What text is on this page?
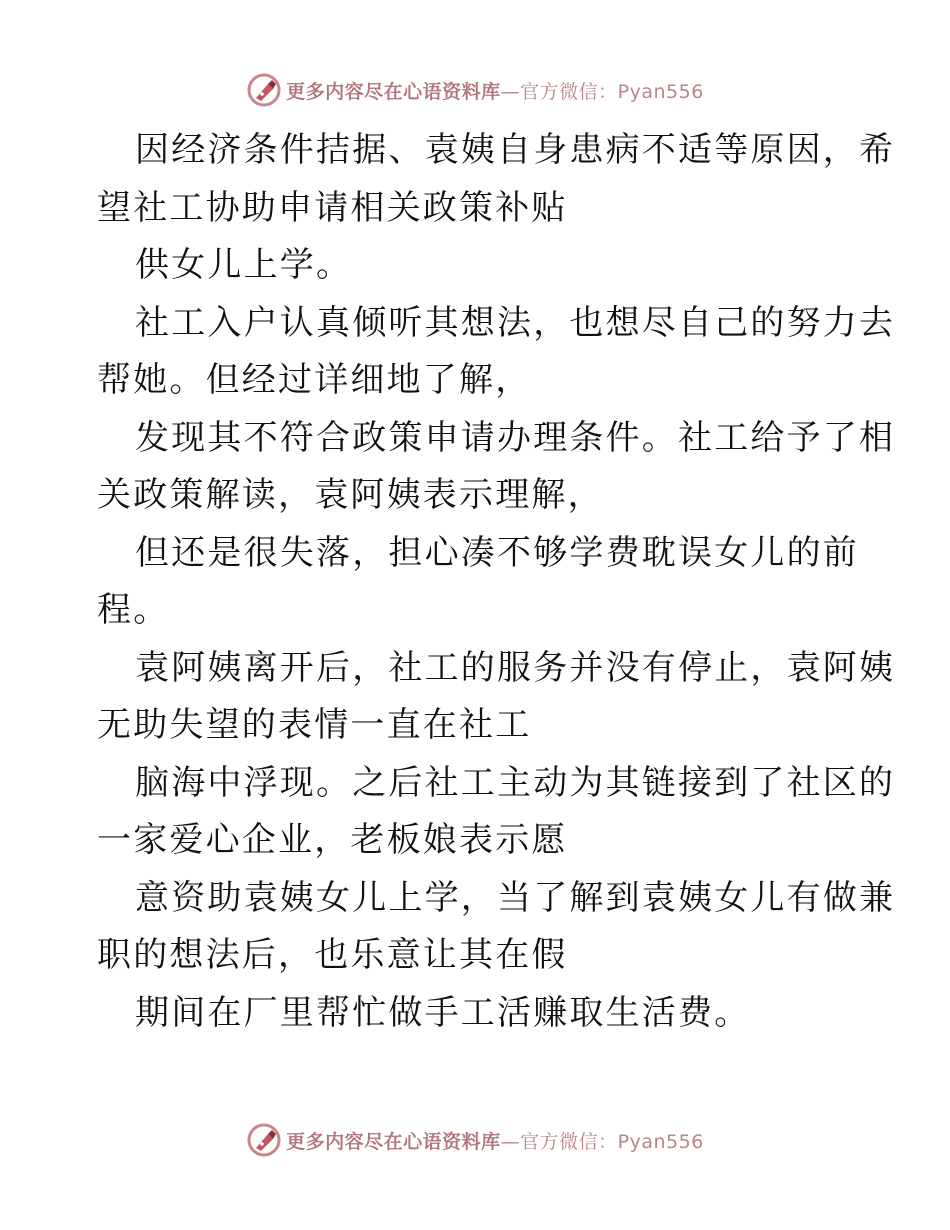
更多内容尽在心语资料库—官方微信：Pyan556
因经济条件拮据、袁姨自身患病不适等原因，希
望社工协助申请相关政策补贴
供女儿上学。
社工入户认真倾听其想法，也想尽自己的努力去
帮她。但经过详细地了解，
发现其不符合政策申请办理条件。社工给予了相
关政策解读，袁阿姨表示理解，
但还是很失落，担心凑不够学费耽误女儿的前
程。
袁阿姨离开后，社工的服务并没有停止，袁阿姨
无助失望的表情一直在社工
脑海中浮现。之后社工主动为其链接到了社区的
一家爱心企业，老板娘表示愿
意资助袁姨女儿上学，当了解到袁姨女儿有做兼
职的想法后，也乐意让其在假
期间在厂里帮忙做手工活赚取生活费。
更多内容尽在心语资料库—官方微信：Pyan556
